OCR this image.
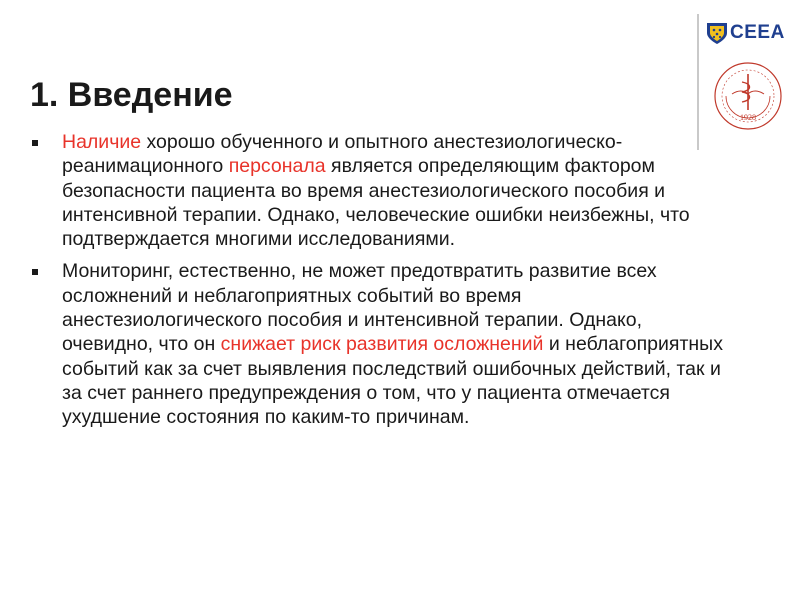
CEEA
1928
1. Введение
Наличие хорошо обученного и опытного анестезиологическо-реанимационного персонала является определяющим фактором безопасности пациента во время анестезиологического пособия и интенсивной терапии. Однако, человеческие ошибки неизбежны, что подтверждается многими исследованиями.
Мониторинг, естественно, не может предотвратить развитие всех осложнений и неблагоприятных событий во время анестезиологического пособия и интенсивной терапии. Однако, очевидно, что он снижает риск развития осложнений и неблагоприятных событий как за счет выявления последствий ошибочных действий, так и за счет раннего предупреждения о том, что у пациента отмечается ухудшение состояния по каким-то причинам.
